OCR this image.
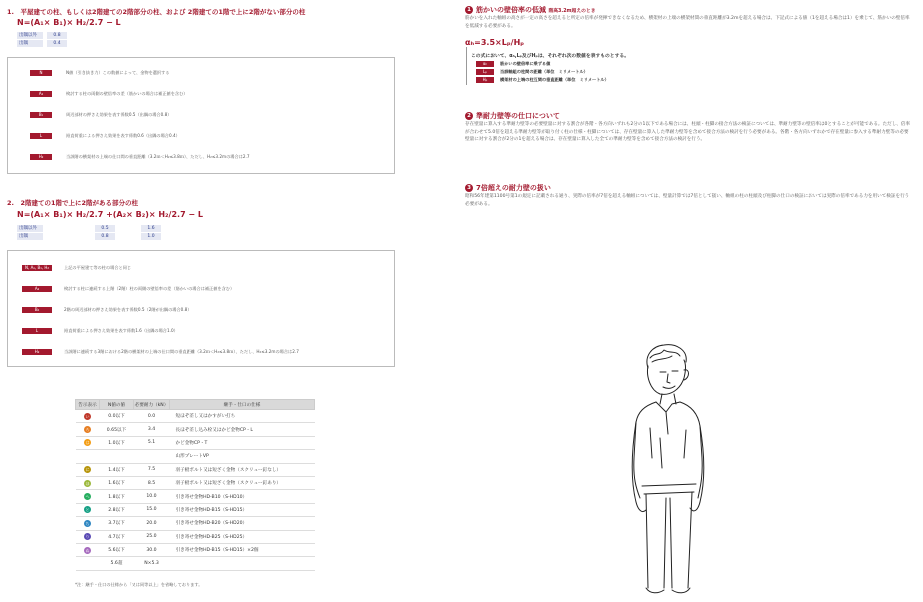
1.　平屋建ての柱、もしくは2階建ての2階部分の柱、および 2階建ての1階で上に2階がない部分の柱
N=(A₁× B₁)× H₂/2.7 − L
出隅以外	0.8
出隅	0.4
N	N値（引き抜き力）この数値によって、金物を選択する
A₁	検討する柱の両側の壁倍率の差（筋かいの場合は補正値を含む）
B₁	周辺部材の押さえ効果を表す係数0.5（出隅の場合0.8）
L	鉛直荷重による押さえ効果を表す係数0.6（出隅の場合0.4）
H₂	当該階の横架材の上端の仕口間の垂直距離（3.2ｍ＜H₂≤3.8ｍ）、ただし、H₂≤3.2mの場合は2.7
2.　2階建ての1階で上に2階がある部分の柱
N=(A₁× B₁)× H₂/2.7 +(A₂× B₂)× H₂/2.7 − L
出隅以外	0.5	1.6
出隅	0.8	1.0
N, A₁, B₁, H₂	上記の平屋建て等の柱の場合と同じ
A₂	検討する柱に連続する上階（2階）柱の両側の壁倍率の差（筋かいの場合は補正値を含む）
B₂	2階の周辺部材の押さえ効果を表す係数0.5（2階が出隅の場合0.8）
L	鉛直荷重による押さえ効果を表す係数1.6（出隅の場合1.0）
H₂	当該階に連続する3階における2階の横架材の上端の仕口間の垂直距離（3.2ｍ＜H₂≤3.8ｍ）、ただし、H₂≤3.2mの場合は2.7
告示表示	N値の値	必要耐力（kN）	継手・仕口の仕様
い	0.0以下	0.0	短ほぞ差し又はかすがい打ち
ろ	0.65以下	3.4	長ほぞ差し込み栓又はかど金物CP・L
は	1.0以下	5.1	かど金物CP・T
			山形プレートVP
に	1.4以下	7.5	羽子板ボルト又は短ざく金物（スクリュー釘なし）
ほ	1.6以下	8.5	羽子板ボルト又は短ざく金物（スクリュー釘あり）
へ	1.8以下	10.0	引き寄せ金物HD-B10（S-HD10）
と	2.8以下	15.0	引き寄せ金物HD-B15（S-HD15）
ち	3.7以下	20.0	引き寄せ金物HD-B20（S-HD20）
り	4.7以下	25.0	引き寄せ金物HD-B25（S-HD25）
ぬ	5.6以下	30.0	引き寄せ金物HD-B15（S-HD15）×2個
	5.6超	N×5.3	
*注：継手・仕口の仕様から「又は同等以上」を省略しております。
1 筋かいの壁倍率の低減 階高3.2m超えのとき
筋かいを入れた軸組の高さが一定の高さを超えると所定の倍率が発揮できなくなるため、横架材の上端の横架材間の垂直距離が3.2mを超える場合は、下記式による値（1を超える場合は1）を乗じて、筋かいの壁倍率を低減する必要がある。
αₕ=3.5×Lₚ/Hₚ
この式において、αₕ,Lₚ及びHₚは、それぞれ次の数値を表すものとする。
αₕ	筋かいの壁倍率に乗ずる値
Lₚ	当該軸組の柱間の距離（単位　ミリメートル）
Hₚ	横架材の上端の柱互間の垂直距離（単位　ミリメートル）
2 準耐力壁等の仕口について
存在壁量に算入する準耐力壁等の必要壁量に対する割合が各階・各方向いずれも2分の1以下である場合には、柱頭・柱脚の接合方法の検証については、準耐力壁等の壁倍率は0とすることが可能である。ただし、倍率が合わせて5.0倍を超える準耐力壁等が取り付く柱の仕様・柱脚については、存在壁量に算入した準耐力壁等を含めて接合方法の検討を行う必要がある。各階・各方向いずれかで存在壁量に参入する準耐力壁等の必要壁量に対する割合が2分の1を超える場合は、存在壁量に算入した全ての準耐力壁等を含めて接合方法の検討を行う。
3 7倍超えの耐力壁の扱い
昭和56年建第1100号第1の規定に記載される通り、実際の倍率が7倍を超える軸組については、壁量計算では7倍として扱い、軸組の柱の柱頭及び柱脚の仕口の検証においては実際の倍率である力を用いて検証を行う必要がある。
